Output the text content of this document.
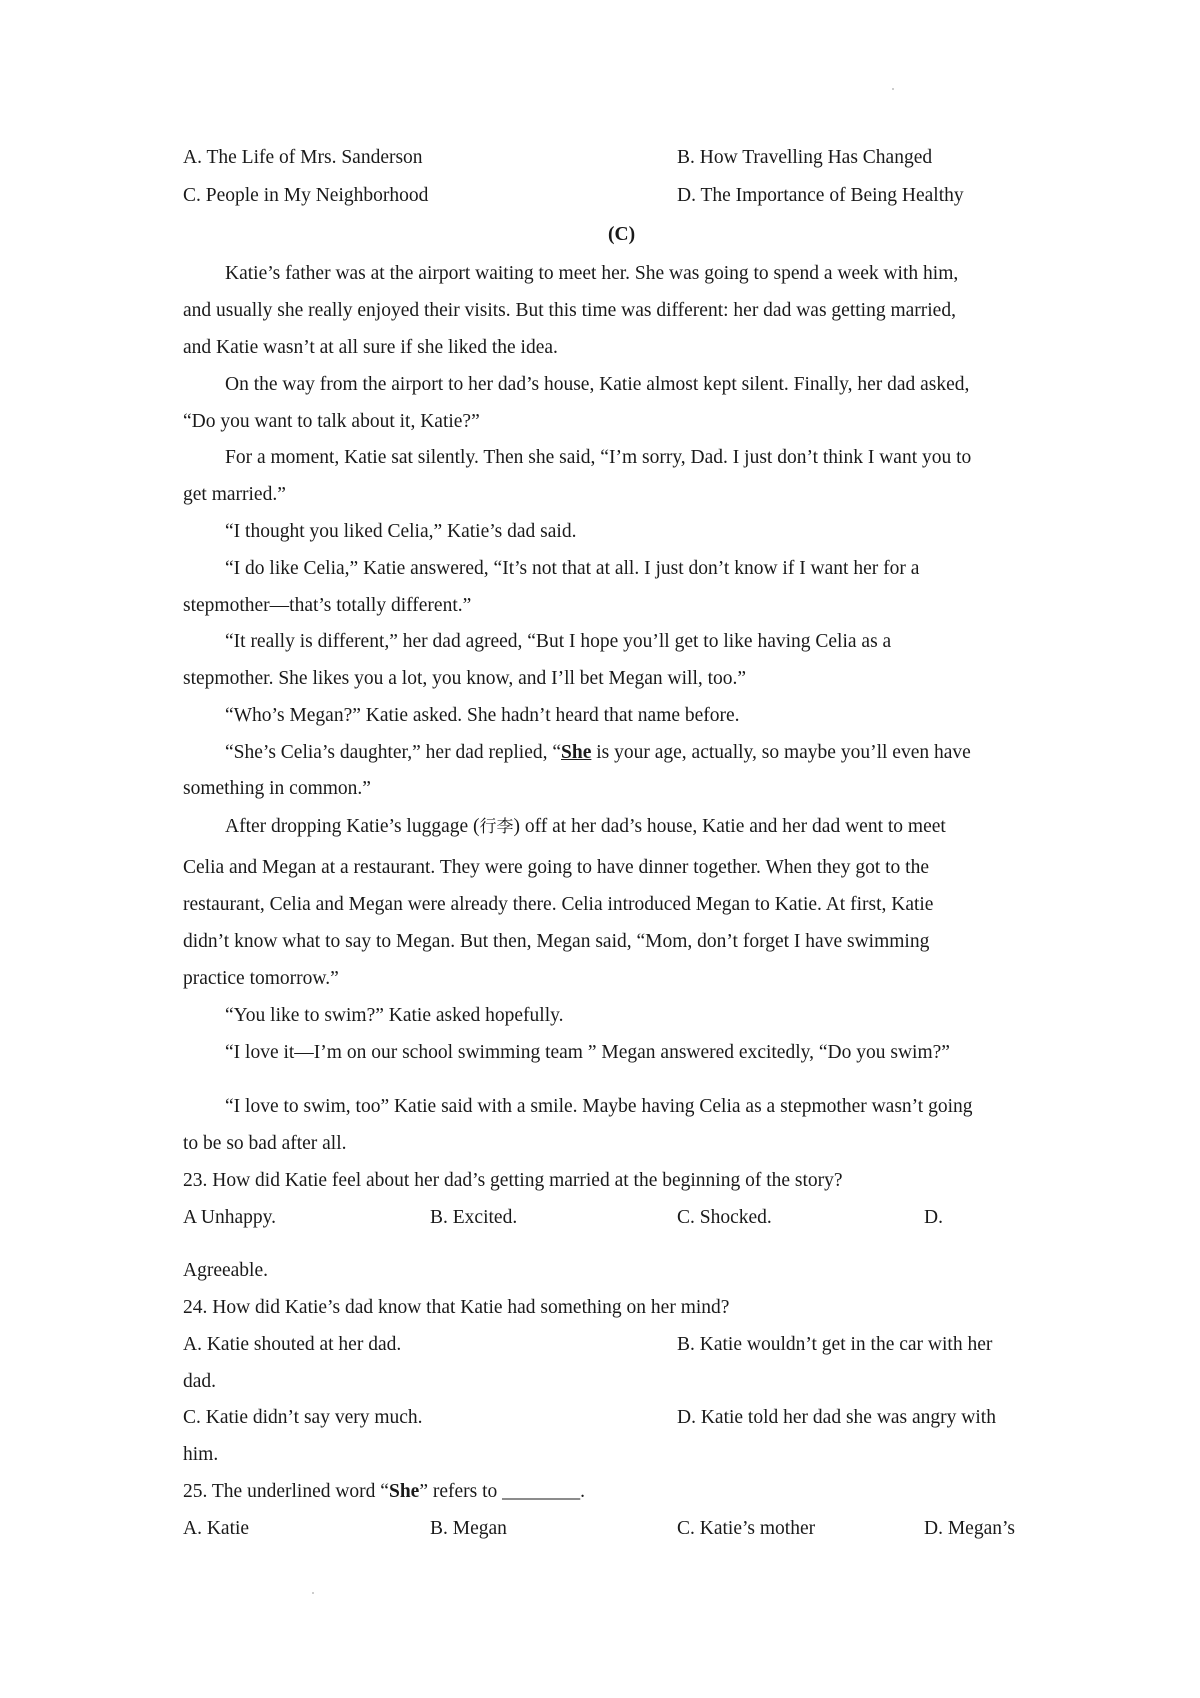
A. The Life of Mrs. Sanderson	B. How Travelling Has Changed
C. People in My Neighborhood	D. The Importance of Being Healthy
(C)
Katie’s father was at the airport waiting to meet her. She was going to spend a week with him,
and usually she really enjoyed their visits. But this time was different: her dad was getting married,
and Katie wasn’t at all sure if she liked the idea.
On the way from the airport to her dad’s house, Katie almost kept silent. Finally, her dad asked,
“Do you want to talk about it, Katie?”
For a moment, Katie sat silently. Then she said, “I’m sorry, Dad. I just don’t think I want you to
get married.”
“I thought you liked Celia,” Katie’s dad said.
“I do like Celia,” Katie answered, “It’s not that at all. I just don’t know if I want her for a
stepmother—that’s totally different.”
“It really is different,” her dad agreed, “But I hope you’ll get to like having Celia as a
stepmother. She likes you a lot, you know, and I’ll bet Megan will, too.”
“Who’s Megan?” Katie asked. She hadn’t heard that name before.
“She’s Celia’s daughter,” her dad replied, “She is your age, actually, so maybe you’ll even have
something in common.”
After dropping Katie’s luggage (行李) off at her dad’s house, Katie and her dad went to meet
Celia and Megan at a restaurant. They were going to have dinner together. When they got to the
restaurant, Celia and Megan were already there. Celia introduced Megan to Katie. At first, Katie
didn’t know what to say to Megan. But then, Megan said, “Mom, don’t forget I have swimming
practice tomorrow.”
“You like to swim?” Katie asked hopefully.
“I love it—I’m on our school swimming team ” Megan answered excitedly, “Do you swim?”
“I love to swim, too” Katie said with a smile. Maybe having Celia as a stepmother wasn’t going
to be so bad after all.
23. How did Katie feel about her dad’s getting married at the beginning of the story?
A Unhappy.	B. Excited.	C. Shocked.	D.
Agreeable.
24. How did Katie’s dad know that Katie had something on her mind?
A. Katie shouted at her dad.	B. Katie wouldn’t get in the car with her
dad.
C. Katie didn’t say very much.	D. Katie told her dad she was angry with
him.
25. The underlined word “She” refers to ________.
A. Katie	B. Megan	C. Katie’s mother	D. Megan’s
